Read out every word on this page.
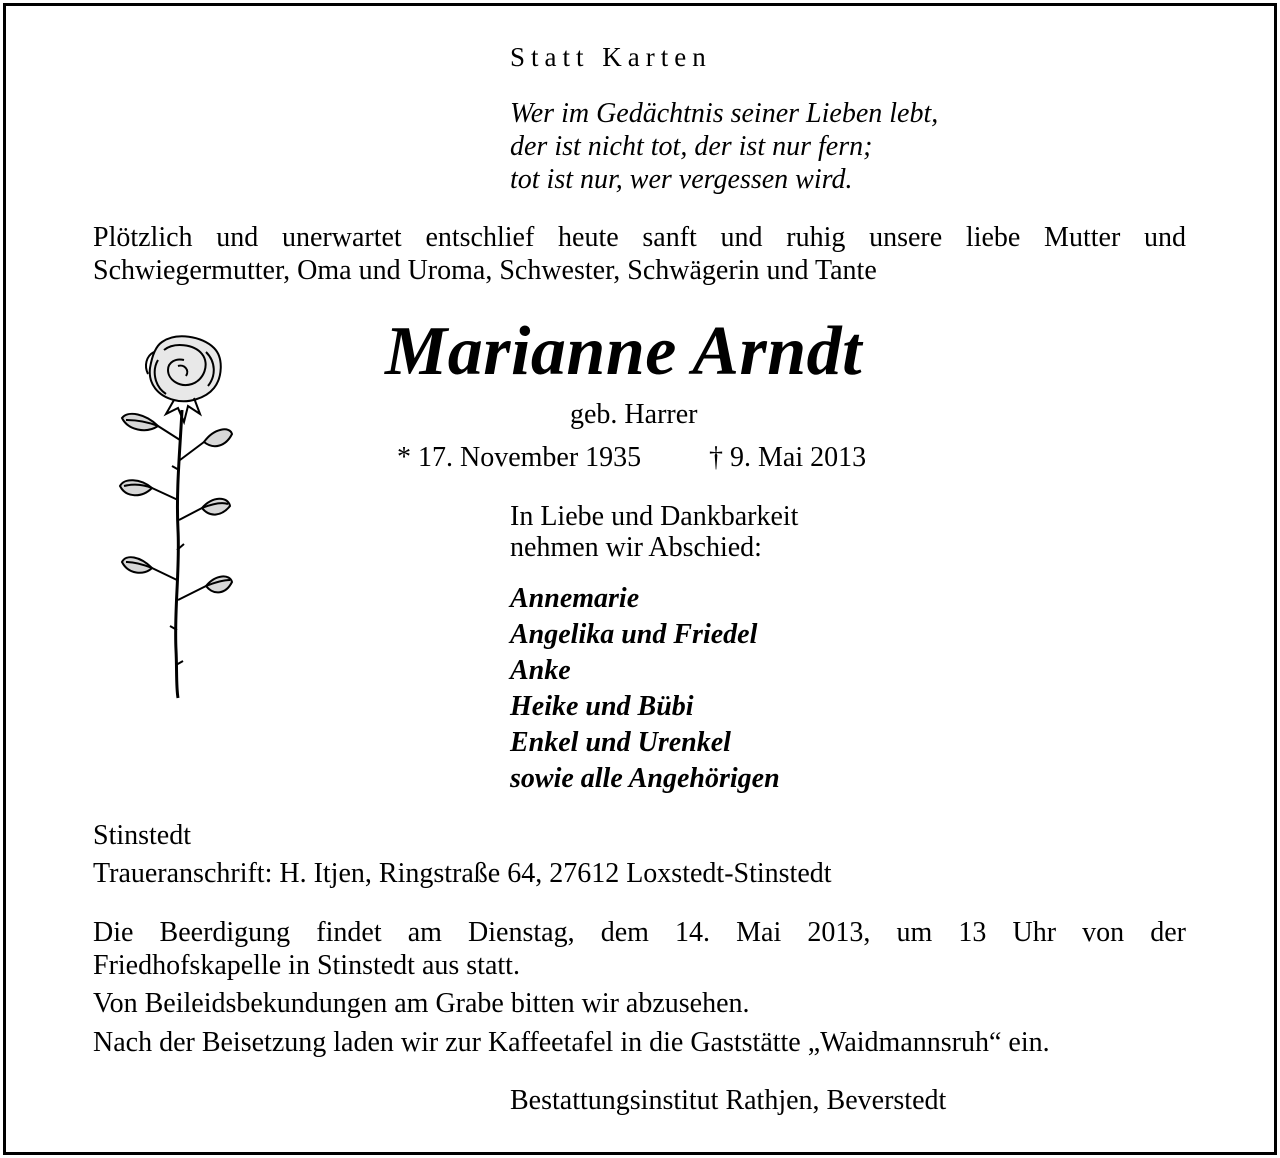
Statt Karten
Wer im Gedächtnis seiner Lieben lebt,
der ist nicht tot, der ist nur fern;
tot ist nur, wer vergessen wird.
Plötzlich und unerwartet entschlief heute sanft und ruhig unsere liebe Mutter und
Schwiegermutter, Oma und Uroma, Schwester, Schwägerin und Tante
Marianne Arndt
geb. Harrer
* 17. November 1935 † 9. Mai 2013
In Liebe und Dankbarkeit
nehmen wir Abschied:
Annemarie
Angelika und Friedel
Anke
Heike und Bübi
Enkel und Urenkel
sowie alle Angehörigen
Stinstedt
Traueranschrift: H. Itjen, Ringstraße 64, 27612 Loxstedt-Stinstedt
Die Beerdigung findet am Dienstag, dem 14. Mai 2013, um 13 Uhr von der
Friedhofskapelle in Stinstedt aus statt.
Von Beileidsbekundungen am Grabe bitten wir abzusehen.
Nach der Beisetzung laden wir zur Kaffeetafel in die Gaststätte „Waidmannsruh“ ein.
Bestattungsinstitut Rathjen, Beverstedt
